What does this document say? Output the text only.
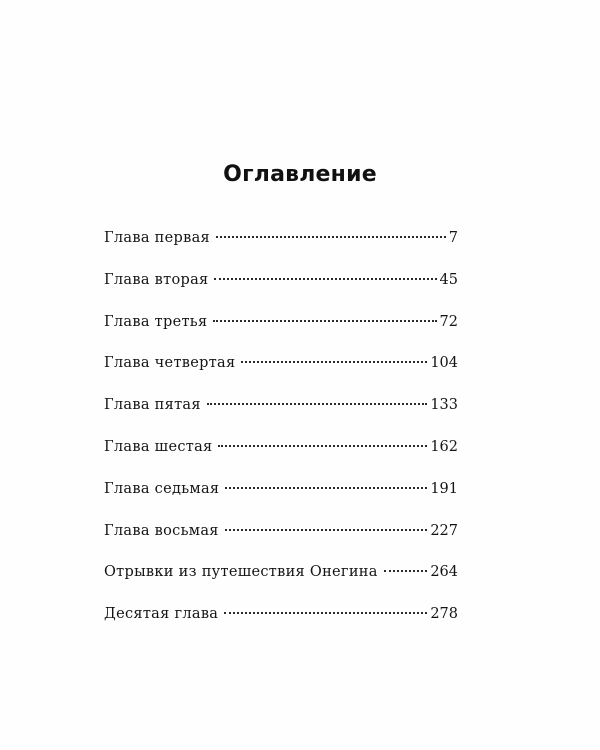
Оглавление
Глава первая	7
Глава вторая	45
Глава третья	72
Глава четвертая	104
Глава пятая	133
Глава шестая	162
Глава седьмая	191
Глава восьмая	227
Отрывки из путешествия Онегина	264
Десятая глава	278
